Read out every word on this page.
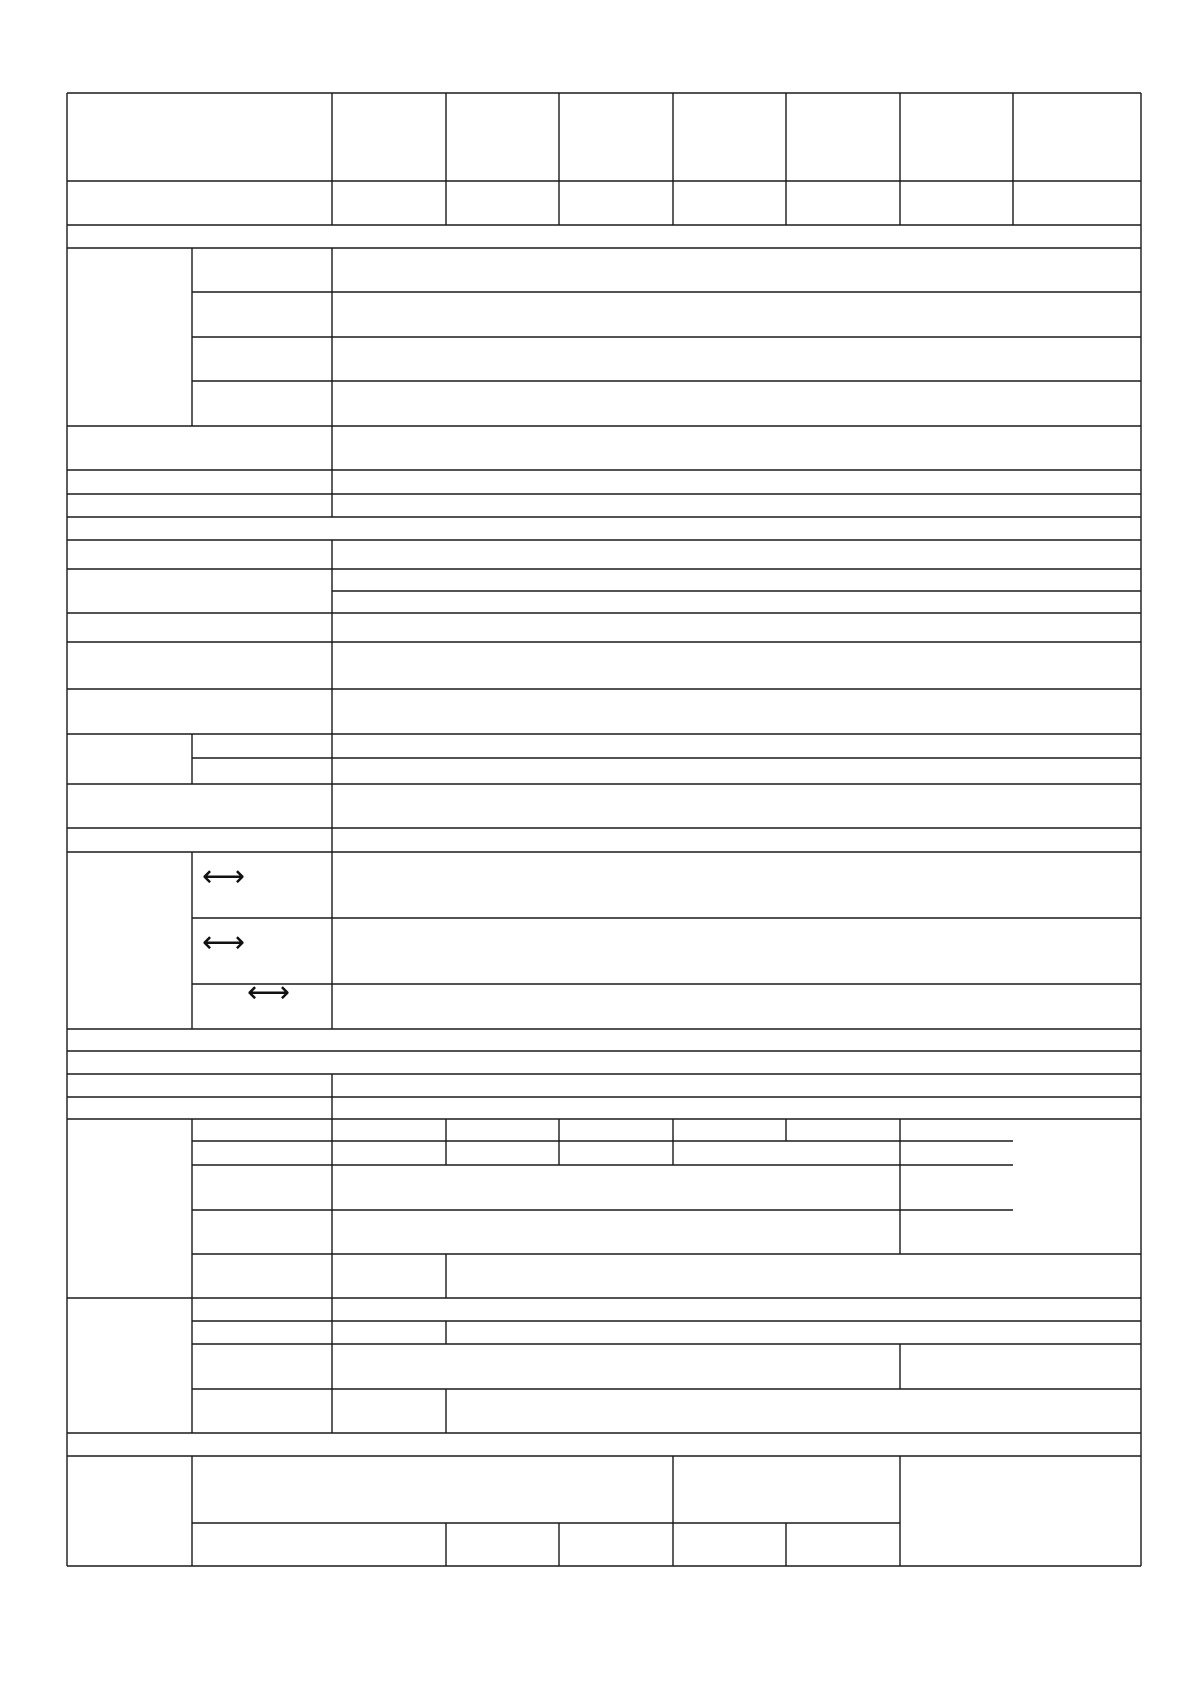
⟷
⟷
⟷
